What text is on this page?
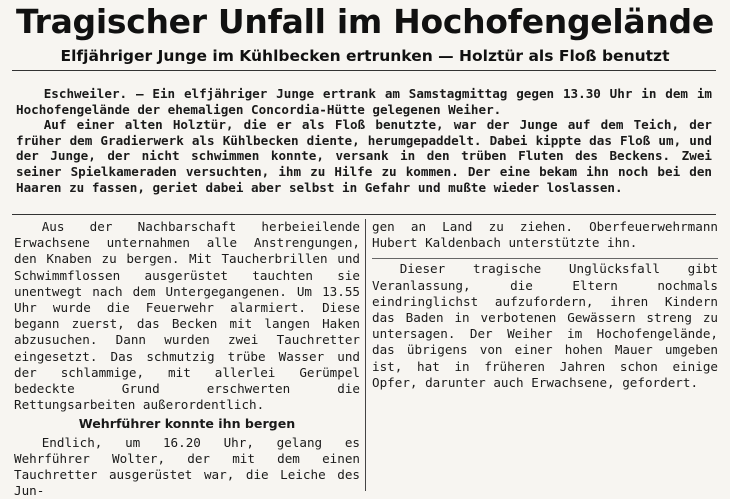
Tragischer Unfall im Hochofengelände
Elfjähriger Junge im Kühlbecken ertrunken — Holztür als Floß benutzt

Eschweiler. — Ein elfjähriger Junge ertrank am Samstagmittag gegen 13.30 Uhr in dem im Hochofengelände der ehemaligen Concordia-Hütte gelegenen Weiher.

Auf einer alten Holztür, die er als Floß benutzte, war der Junge auf dem Teich, der früher dem Gradierwerk als Kühlbecken diente, herumgepaddelt. Dabei kippte das Floß um, und der Junge, der nicht schwimmen konnte, versank in den trüben Fluten des Beckens. Zwei seiner Spielkameraden versuchten, ihm zu Hilfe zu kommen. Der eine bekam ihn noch bei den Haaren zu fassen, geriet dabei aber selbst in Gefahr und mußte wieder loslassen.

Aus der Nachbarschaft herbeieilende Erwachsene unternahmen alle Anstrengungen, den Knaben zu bergen. Mit Taucherbrillen und Schwimmflossen ausgerüstet tauchten sie unentwegt nach dem Untergegangenen. Um 13.55 Uhr wurde die Feuerwehr alarmiert. Diese begann zuerst, das Becken mit langen Haken abzusuchen. Dann wurden zwei Tauchretter eingesetzt. Das schmutzig trübe Wasser und der schlammige, mit allerlei Gerümpel bedeckte Grund erschwerten die Rettungsarbeiten außerordentlich.

Wehrführer konnte ihn bergen

Endlich, um 16.20 Uhr, gelang es Wehrführer Wolter, der mit dem einen Tauchretter ausgerüstet war, die Leiche des Jun-

gen an Land zu ziehen. Oberfeuerwehrmann Hubert Kaldenbach unterstützte ihn.

Dieser tragische Unglücksfall gibt Veranlassung, die Eltern nochmals eindringlichst aufzufordern, ihren Kindern das Baden in verbotenen Gewässern streng zu untersagen. Der Weiher im Hochofengelände, das übrigens von einer hohen Mauer umgeben ist, hat in früheren Jahren schon einige Opfer, darunter auch Erwachsene, gefordert.
